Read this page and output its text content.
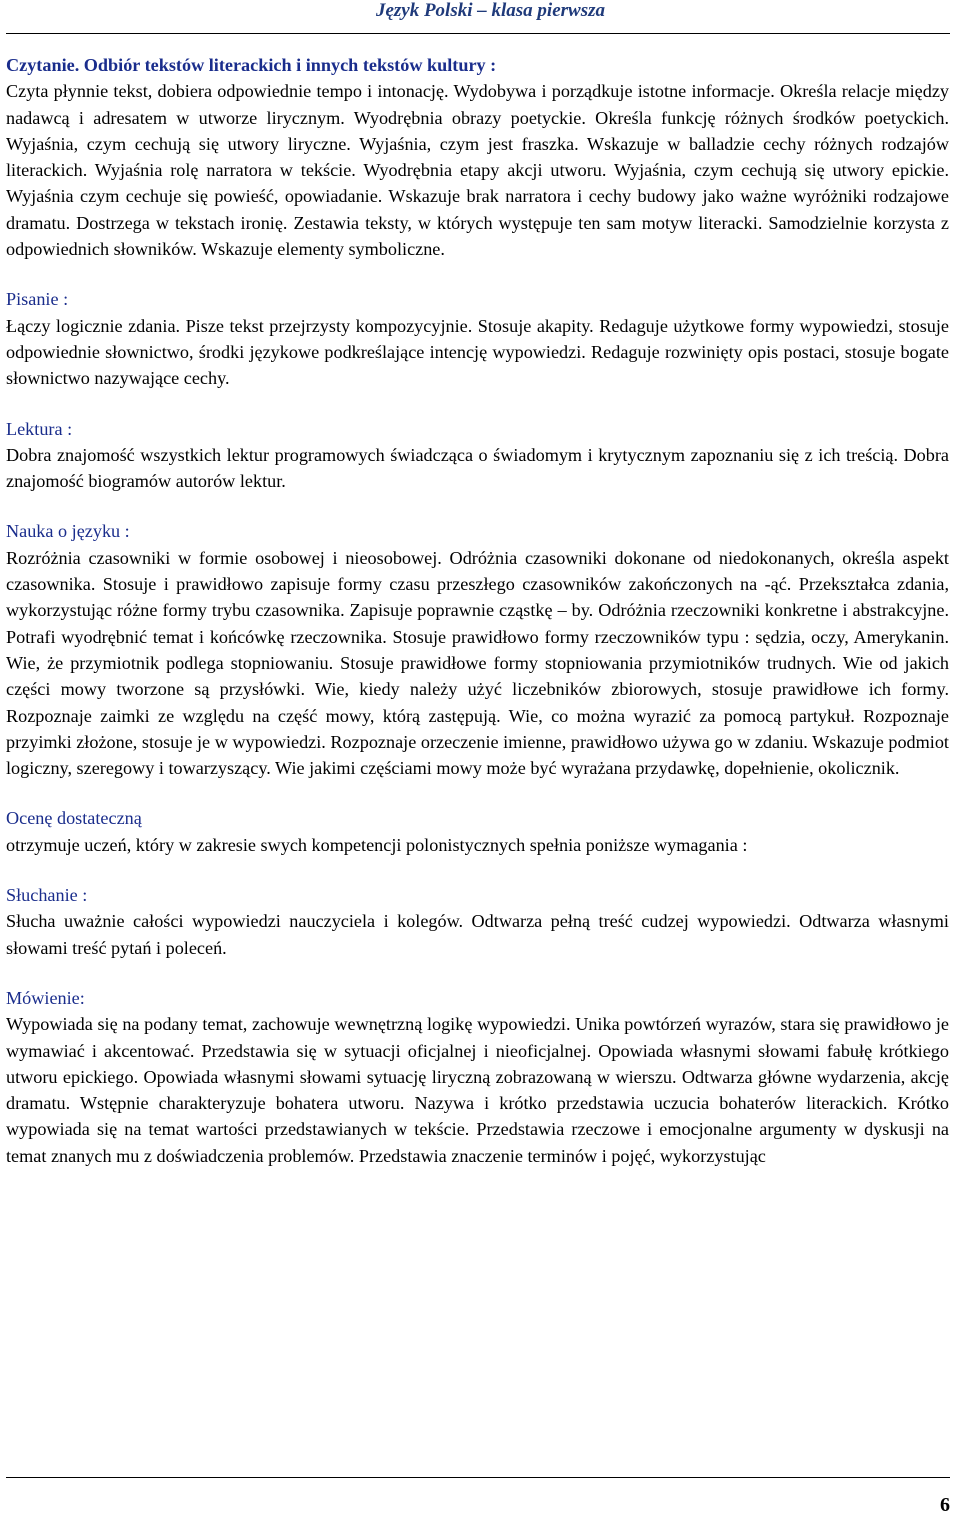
Język Polski – klasa pierwsza
Czytanie. Odbiór tekstów literackich i innych tekstów kultury :
Czyta płynnie tekst, dobiera odpowiednie tempo i intonację. Wydobywa i porządkuje istotne informacje. Określa relacje między nadawcą i adresatem w utworze lirycznym. Wyodrębnia obrazy poetyckie. Określa funkcję różnych środków poetyckich. Wyjaśnia, czym cechują się utwory liryczne. Wyjaśnia, czym jest fraszka. Wskazuje w balladzie cechy różnych rodzajów literackich. Wyjaśnia rolę narratora w tekście. Wyodrębnia etapy akcji utworu. Wyjaśnia, czym cechują się utwory epickie. Wyjaśnia czym cechuje się powieść, opowiadanie. Wskazuje brak narratora i cechy budowy jako ważne wyróżniki rodzajowe dramatu. Dostrzega w tekstach ironię. Zestawia teksty, w których występuje ten sam motyw literacki. Samodzielnie korzysta z odpowiednich słowników. Wskazuje elementy symboliczne.
Pisanie :
Łączy logicznie zdania. Pisze tekst przejrzysty kompozycyjnie. Stosuje akapity. Redaguje użytkowe formy wypowiedzi, stosuje odpowiednie słownictwo, środki językowe podkreślające intencję wypowiedzi. Redaguje rozwinięty opis postaci, stosuje bogate słownictwo nazywające cechy.
Lektura :
Dobra znajomość wszystkich lektur programowych świadcząca o świadomym i krytycznym zapoznaniu się z ich treścią. Dobra znajomość biogramów autorów lektur.
Nauka o języku :
Rozróżnia czasowniki w formie osobowej i nieosobowej. Odróżnia czasowniki dokonane od niedokonanych, określa aspekt czasownika. Stosuje i prawidłowo zapisuje formy czasu przeszłego czasowników zakończonych na -ąć. Przekształca zdania, wykorzystując różne formy trybu czasownika. Zapisuje poprawnie cząstkę – by. Odróżnia rzeczowniki konkretne i abstrakcyjne. Potrafi wyodrębnić temat i końcówkę rzeczownika. Stosuje prawidłowo formy rzeczowników typu : sędzia, oczy, Amerykanin. Wie, że przymiotnik podlega stopniowaniu. Stosuje prawidłowe formy stopniowania przymiotników trudnych. Wie od jakich części mowy tworzone są przysłówki. Wie, kiedy należy użyć liczebników zbiorowych, stosuje prawidłowe ich formy. Rozpoznaje zaimki ze względu na część mowy, którą zastępują. Wie, co można wyrazić za pomocą partykuł. Rozpoznaje przyimki złożone, stosuje je w wypowiedzi. Rozpoznaje orzeczenie imienne, prawidłowo używa go w zdaniu. Wskazuje podmiot logiczny, szeregowy i towarzyszący. Wie jakimi częściami mowy może być wyrażana przydawkę, dopełnienie, okolicznik.
Ocenę dostateczną
otrzymuje uczeń, który w zakresie swych kompetencji polonistycznych spełnia poniższe wymagania :
Słuchanie :
Słucha uważnie całości wypowiedzi nauczyciela i kolegów. Odtwarza pełną treść cudzej wypowiedzi. Odtwarza własnymi słowami treść pytań i poleceń.
Mówienie:
Wypowiada się na podany temat, zachowuje wewnętrzną logikę wypowiedzi. Unika powtórzeń wyrazów, stara się prawidłowo je wymawiać i akcentować. Przedstawia się w sytuacji oficjalnej i nieoficjalnej. Opowiada własnymi słowami fabułę krótkiego utworu epickiego. Opowiada własnymi słowami sytuację liryczną zobrazowaną w wierszu. Odtwarza główne wydarzenia, akcję dramatu. Wstępnie charakteryzuje bohatera utworu. Nazywa i krótko przedstawia uczucia bohaterów literackich. Krótko wypowiada się na temat wartości przedstawianych w tekście. Przedstawia rzeczowe i emocjonalne argumenty w dyskusji na temat znanych mu z doświadczenia problemów. Przedstawia znaczenie terminów i pojęć, wykorzystując
6
